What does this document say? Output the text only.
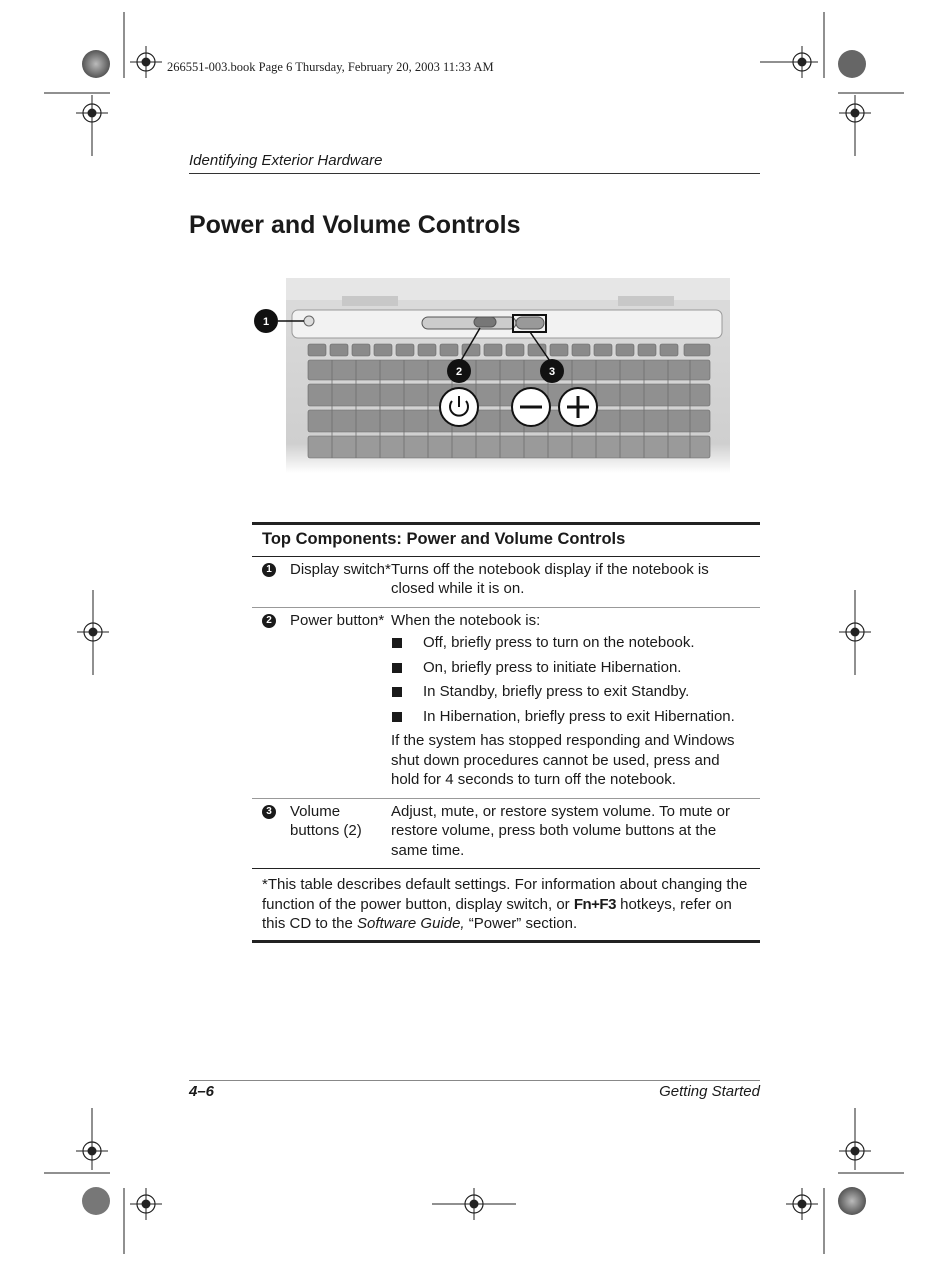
266551-003.book Page 6 Thursday, February 20, 2003 11:33 AM
Identifying Exterior Hardware
Power and Volume Controls
1
2	3
Top Components: Power and Volume Controls
1 Display switch* Turns off the notebook display if the notebook is closed while it is on.
2 Power button* When the notebook is:
Off, briefly press to turn on the notebook.
On, briefly press to initiate Hibernation.
In Standby, briefly press to exit Standby.
In Hibernation, briefly press to exit Hibernation.
If the system has stopped responding and Windows shut down procedures cannot be used, press and hold for 4 seconds to turn off the notebook.
3 Volume buttons (2)
Adjust, mute, or restore system volume. To mute or restore volume, press both volume buttons at the same time.
*This table describes default settings. For information about changing the function of the power button, display switch, or Fn+F3 hotkeys, refer on this CD to the Software Guide, “Power” section.
4–6	Getting Started
